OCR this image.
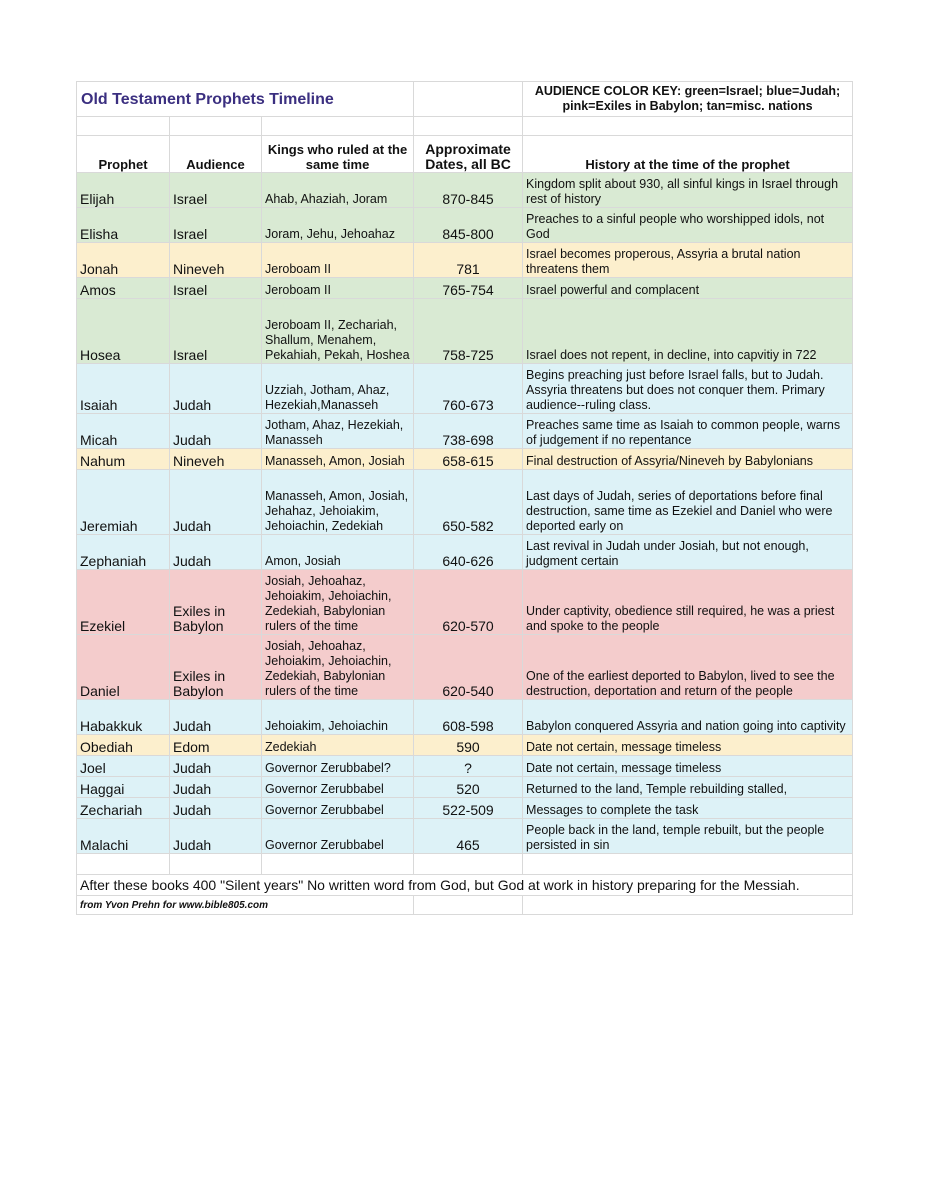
Old Testament Prophets Timeline				AUDIENCE COLOR KEY: green=Israel; blue=Judah; pink=Exiles in Babylon; tan=misc. nations

Prophet	Audience	Kings who ruled at the same time	Approximate Dates, all BC	History at the time of the prophet
Elijah	Israel	Ahab, Ahaziah, Joram	870-845	Kingdom split about 930, all sinful kings in Israel through rest of history
Elisha	Israel	Joram, Jehu, Jehoahaz	845-800	Preaches to a sinful people who worshipped idols, not God
Jonah	Nineveh	Jeroboam II	781	Israel becomes properous, Assyria a brutal nation threatens them
Amos	Israel	Jeroboam II	765-754	Israel powerful and complacent
Hosea	Israel	Jeroboam II, Zechariah, Shallum, Menahem, Pekahiah, Pekah, Hoshea	758-725	Israel does not repent, in decline, into capvitiy in 722
Isaiah	Judah	Uzziah, Jotham, Ahaz, Hezekiah,Manasseh	760-673	Begins preaching just before Israel falls, but to Judah. Assyria threatens but does not conquer them. Primary audience--ruling class.
Micah	Judah	Jotham, Ahaz, Hezekiah, Manasseh	738-698	Preaches same time as Isaiah to common people, warns of judgement if no repentance
Nahum	Nineveh	Manasseh, Amon, Josiah	658-615	Final destruction of Assyria/Nineveh by Babylonians
Jeremiah	Judah	Manasseh, Amon, Josiah, Jehahaz, Jehoiakim, Jehoiachin, Zedekiah	650-582	Last days of Judah, series of deportations before final destruction, same time as Ezekiel and Daniel who were deported early on
Zephaniah	Judah	Amon, Josiah	640-626	Last revival in Judah under Josiah, but not enough, judgment certain
Ezekiel	Exiles in Babylon	Josiah, Jehoahaz, Jehoiakim, Jehoiachin, Zedekiah, Babylonian rulers of the time	620-570	Under captivity, obedience still required, he was a priest and spoke to the people
Daniel	Exiles in Babylon	Josiah, Jehoahaz, Jehoiakim, Jehoiachin, Zedekiah, Babylonian rulers of the time	620-540	One of the earliest deported to Babylon, lived to see the destruction, deportation and return of the people
Habakkuk	Judah	Jehoiakim, Jehoiachin	608-598	Babylon conquered Assyria and nation going into captivity
Obediah	Edom	Zedekiah	590	Date not certain, message timeless
Joel	Judah	Governor Zerubbabel?	?	Date not certain, message timeless
Haggai	Judah	Governor Zerubbabel	520	Returned to the land, Temple rebuilding stalled,
Zechariah	Judah	Governor Zerubbabel	522-509	Messages to complete the task
Malachi	Judah	Governor Zerubbabel	465	People back in the land, temple rebuilt, but the people persisted in sin

After these books 400 "Silent years" No written word from God, but God at work in history preparing for the Messiah.				
from Yvon Prehn for www.bible805.com				
